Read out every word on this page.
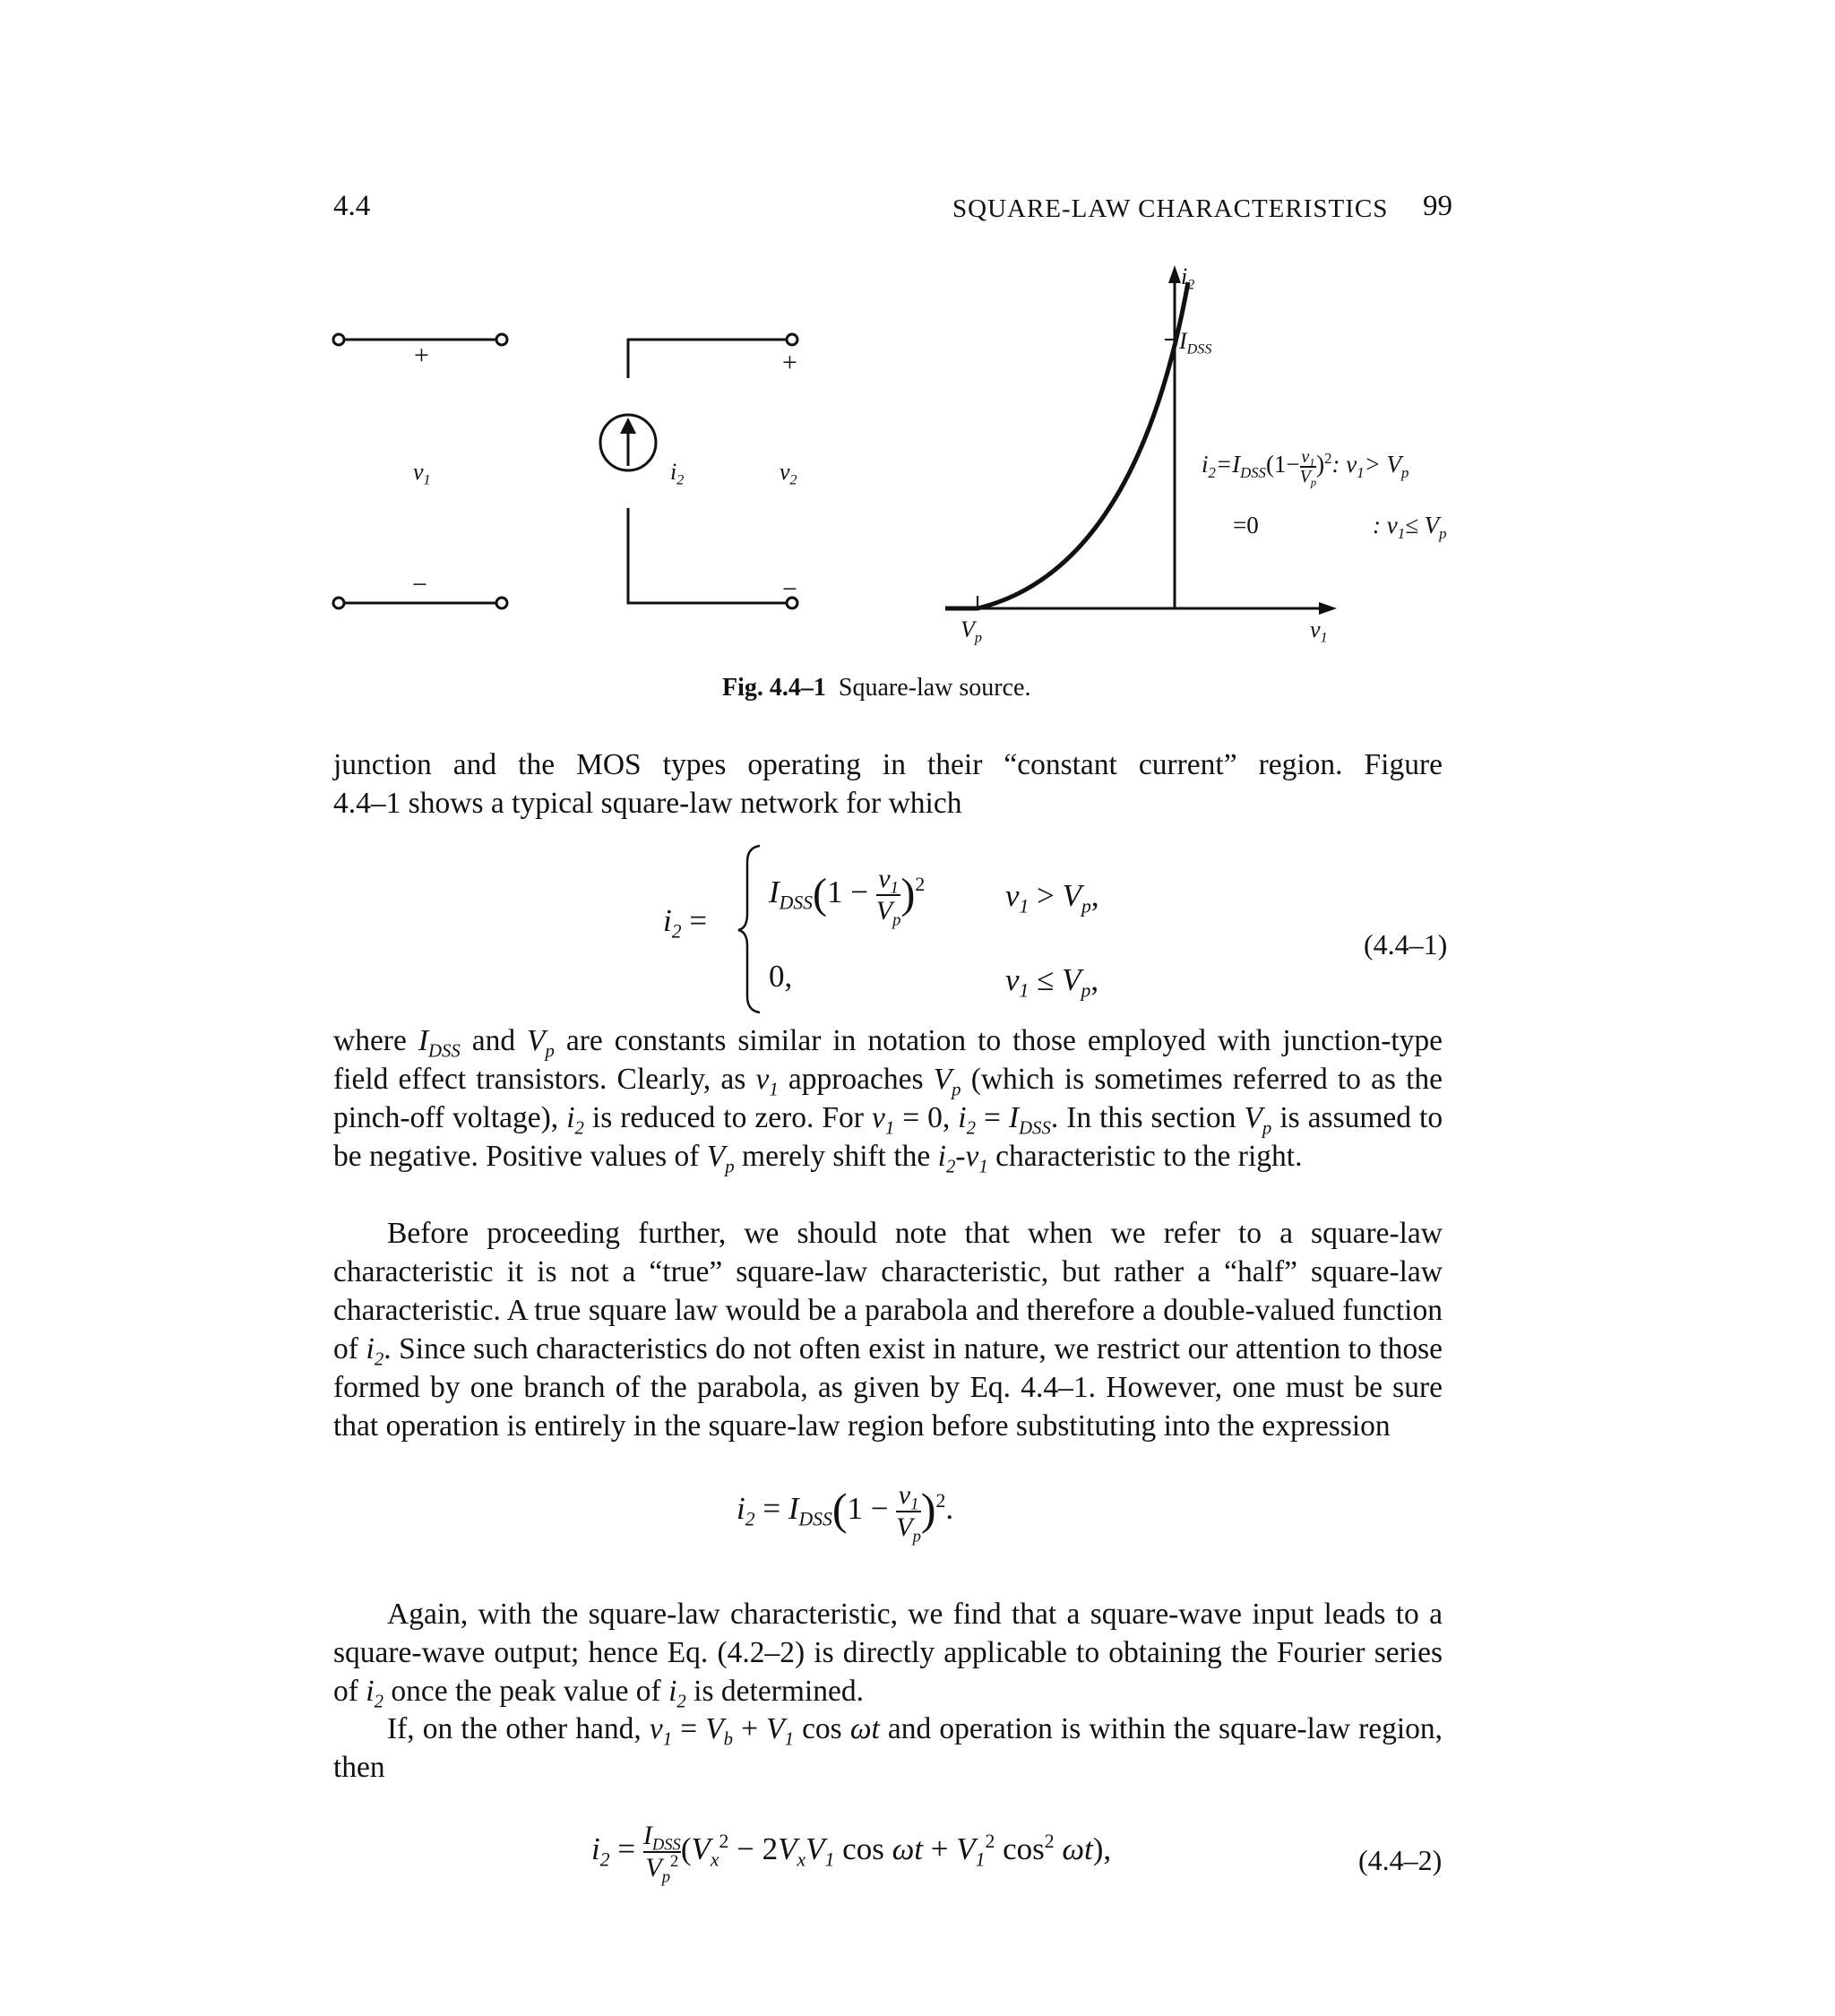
4.4	SQUARE-LAW CHARACTERISTICS 99
+
−
+
−
$v_1$	$i_2$	$v_2$
$i_2$
$I_{DSS}$
$v_1$
$V_p$
$i_2=I_{DSS}(1- \frac{v_1}{V_p} )^2$: $v_1> V_p$
=0	: $v_1\le V_p$
Fig. 4.4–1 Square-law source.

junction and the MOS types operating in their “constant current” region. Figure

4.4–1 shows a typical square-law network for which

$i_2$ =
$I_{DSS}(1 - \frac{v_1}{V_p} )^2$	$v_1 > V_p$,
0,	$v_1 \le V_p$,
(4.4–1)

where $I_{DSS}$ and $V_p$ are constants similar in notation to those employed with junction-type field effect transistors. Clearly, as $v_1$ approaches $V_p$ (which is sometimes referred to as the pinch-off voltage), $i_2$ is reduced to zero. For $v_1 = 0$, $i_2 = I_{DSS}$. In this section $V_p$ is assumed to be negative. Positive values of $V_p$ merely shift the $i_2-v_1$ characteristic to the right.

Before proceeding further, we should note that when we refer to a square-law characteristic it is not a “true” square-law characteristic, but rather a “half” square-law characteristic. A true square law would be a parabola and therefore a double-valued function of $i_2$. Since such characteristics do not often exist in nature, we restrict our attention to those formed by one branch of the parabola, as given by Eq. 4.4–1. However, one must be sure that operation is entirely in the square-law region before substituting into the expression

$i_2 = I_{DSS}(1 - \frac{v_1}{V_p} )^2$.

Again, with the square-law characteristic, we find that a square-wave input leads to a square-wave output; hence Eq. (4.2–2) is directly applicable to obtaining the Fourier series of $i_2$ once the peak value of $i_2$ is determined.

If, on the other hand, $v_1 = V_b + V_1$ cos ωt and operation is within the square-law region, then

$i_2 = I_{DSS}$
$V_p^2$ ($V_x^2 - 2V_xV_1$ $\cos \omega t + V_1^2$ $\cos^2 \omega t$),	(4.4–2)
